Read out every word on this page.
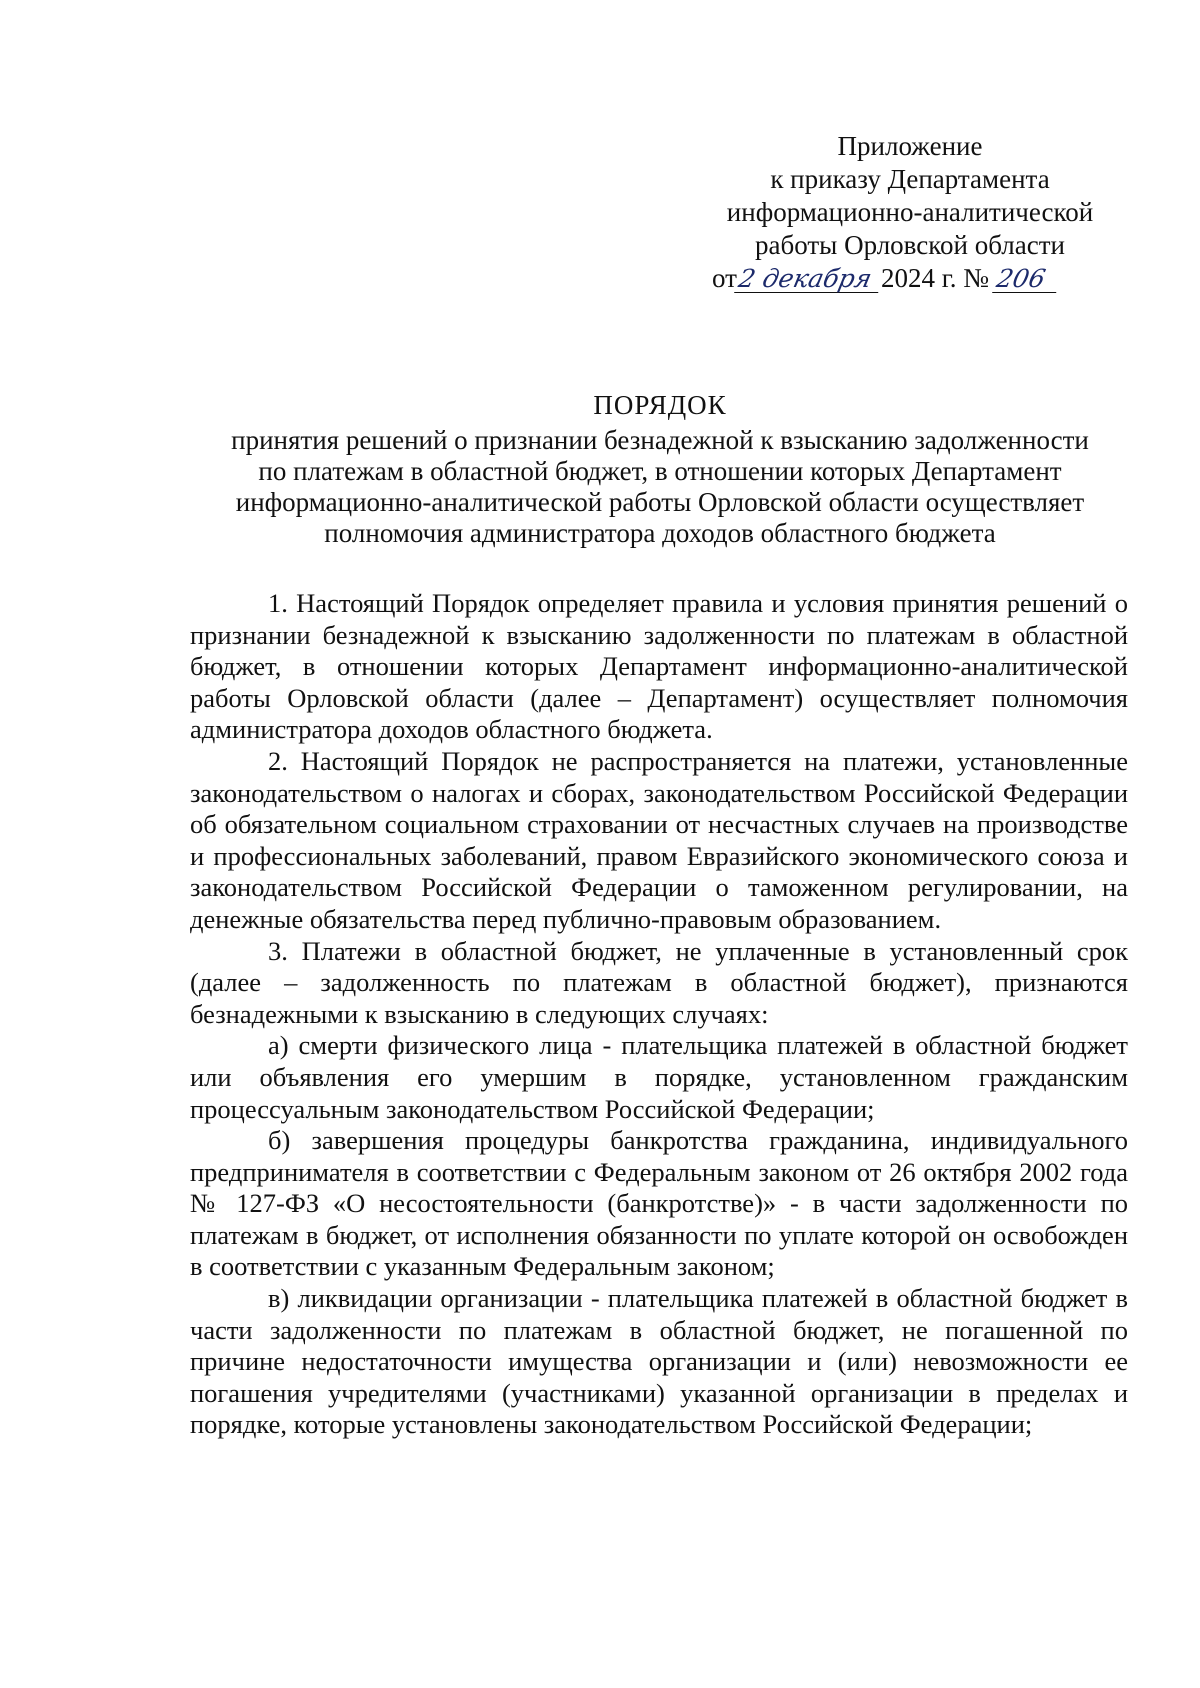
Приложение
к приказу Департамента
информационно-аналитической
работы Орловской области
от2 декабря 2024 г. № 206
ПОРЯДОК
принятия решений о признании безнадежной к взысканию задолженности
по платежам в областной бюджет, в отношении которых Департамент
информационно-аналитической работы Орловской области осуществляет
полномочия администратора доходов областного бюджета

1. Настоящий Порядок определяет правила и условия принятия решений о признании безнадежной к взысканию задолженности по платежам в областной бюджет, в отношении которых Департамент информационно-аналитической работы Орловской области (далее – Департамент) осуществляет полномочия администратора доходов областного бюджета.

2. Настоящий Порядок не распространяется на платежи, установленные законодательством о налогах и сборах, законодательством Российской Федерации об обязательном социальном страховании от несчастных случаев на производстве и профессиональных заболеваний, правом Евразийского экономического союза и законодательством Российской Федерации о таможенном регулировании, на денежные обязательства перед публично-правовым образованием.

3. Платежи в областной бюджет, не уплаченные в установленный срок (далее – задолженность по платежам в областной бюджет), признаются безнадежными к взысканию в следующих случаях:

а) смерти физического лица - плательщика платежей в областной бюджет или объявления его умершим в порядке, установленном гражданским процессуальным законодательством Российской Федерации;

б) завершения процедуры банкротства гражданина, индивидуального предпринимателя в соответствии с Федеральным законом от 26 октября 2002 года № 127-ФЗ «О несостоятельности (банкротстве)» - в части задолженности по платежам в бюджет, от исполнения обязанности по уплате которой он освобожден в соответствии с указанным Федеральным законом;

в) ликвидации организации - плательщика платежей в областной бюджет в части задолженности по платежам в областной бюджет, не погашенной по причине недостаточности имущества организации и (или) невозможности ее погашения учредителями (участниками) указанной организации в пределах и порядке, которые установлены законодательством Российской Федерации;
